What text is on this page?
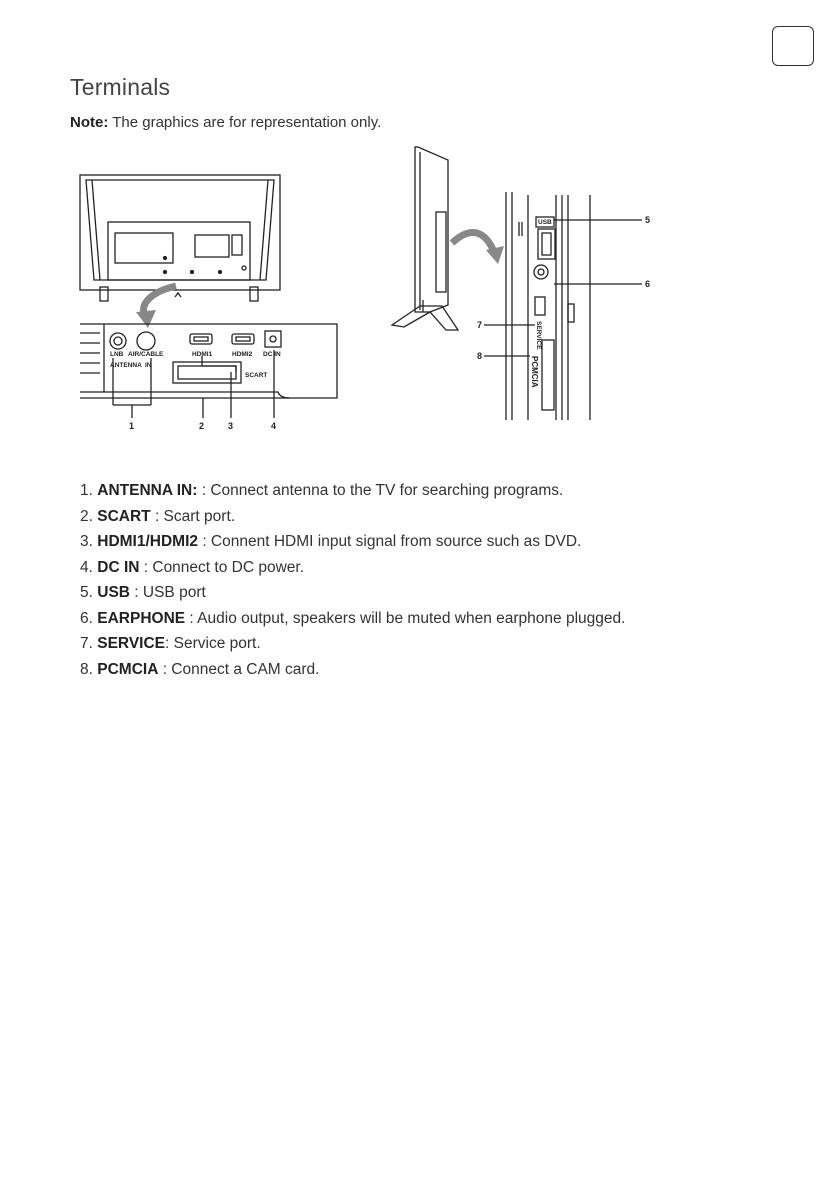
Terminals
Note: The graphics are for representation only.
LNB AIR/CABLE
ANTENNA IN
HDMI1	HDMI2 DC IN
SCART
1	2	3	4
USB
SERVICE
PCMCIA
5
6
7
8
1. ANTENNA IN: : Connect antenna to the TV for searching programs.
2. SCART : Scart port.
3. HDMI1/HDMI2 : Connent HDMI input signal from source such as DVD.
4. DC IN : Connect to DC power.
5. USB : USB port
6. EARPHONE : Audio output, speakers will be muted when earphone plugged.
7. SERVICE: Service port.
8. PCMCIA : Connect a CAM card.
